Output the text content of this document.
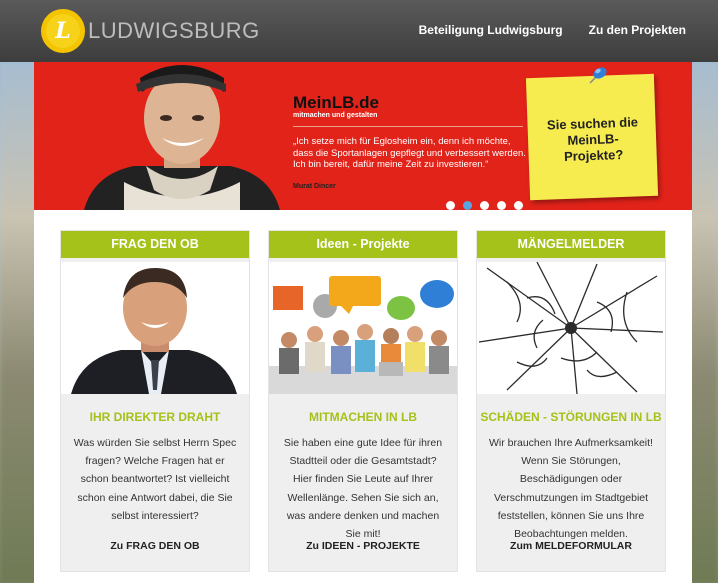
L LUDWIGSBURG	Beteiligung Ludwigsburg Zu den Projekten
MeinLB.de
mitmachen und gestalten
„Ich setze mich für Eglosheim ein, denn ich möchte, dass die Sportanlagen gepflegt und verbessert werden. Ich bin bereit, dafür meine Zeit zu investieren.“
Murat Dincer
Sie suchen die MeinLB-Projekte?
FRAG DEN OB
IHR DIREKTER DRAHT
Was würden Sie selbst Herrn Spec fragen? Welche Fragen hat er schon beantwortet? Ist vielleicht schon eine Antwort dabei, die Sie selbst interessiert?
Zu FRAG DEN OB
Ideen - Projekte
MITMACHEN IN LB
Sie haben eine gute Idee für ihren Stadtteil oder die Gesamtstadt? Hier finden Sie Leute auf Ihrer Wellenlänge. Sehen Sie sich an, was andere denken und machen Sie mit!
Zu IDEEN - PROJEKTE
MÄNGELMELDER
SCHÄDEN - STÖRUNGEN IN LB
Wir brauchen Ihre Aufmerksamkeit! Wenn Sie Störungen, Beschädigungen oder Verschmutzungen im Stadtgebiet feststellen, können Sie uns Ihre Beobachtungen melden.
Zum MELDEFORMULAR
